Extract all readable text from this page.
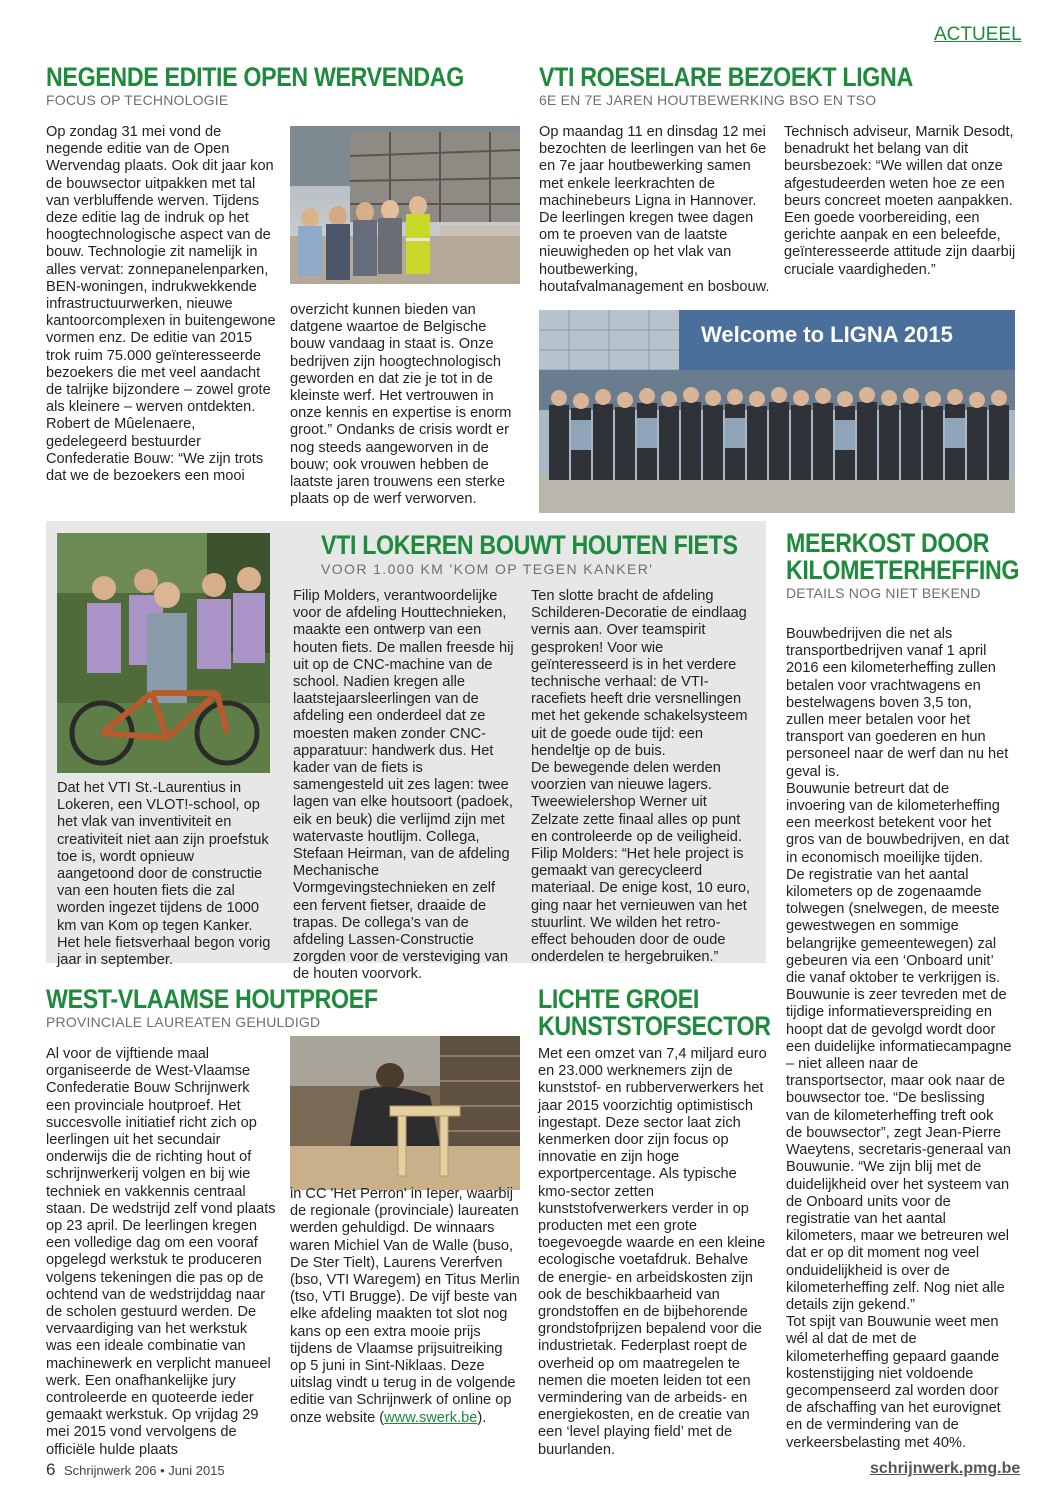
ACTUEEL
NEGENDE EDITIE OPEN WERVENDAG
FOCUS OP TECHNOLOGIE
Op zondag 31 mei vond de negende editie van de Open Wervendag plaats. Ook dit jaar kon de bouwsector uitpakken met tal van verbluffende werven. Tijdens deze editie lag de indruk op het hoogtechnologische aspect van de bouw. Technologie zit namelijk in alles vervat: zonnepanelenparken, BEN-woningen, indrukwekkende infrastructuurwerken, nieuwe kantoorcomplexen in buitengewone vormen enz. De editie van 2015 trok ruim 75.000 geïnteresseerde bezoekers die met veel aandacht de talrijke bijzondere – zowel grote als kleinere – werven ontdekten. Robert de Mûelenaere, gedelegeerd bestuurder Confederatie Bouw: “We zijn trots dat we de bezoekers een mooi
overzicht kunnen bieden van datgene waartoe de Belgische bouw vandaag in staat is. Onze bedrijven zijn hoogtechnologisch geworden en dat zie je tot in de kleinste werf. Het vertrouwen in onze kennis en expertise is enorm groot.” Ondanks de crisis wordt er nog steeds aangeworven in de bouw; ook vrouwen hebben de laatste jaren trouwens een sterke plaats op de werf verworven.
VTI ROESELARE BEZOEKT LIGNA
6E EN 7E JAREN HOUTBEWERKING BSO EN TSO
Op maandag 11 en dinsdag 12 mei bezochten de leerlingen van het 6e en 7e jaar houtbewerking samen met enkele leerkrachten de machinebeurs Ligna in Hannover. De leerlingen kregen twee dagen om te proeven van de laatste nieuwigheden op het vlak van houtbewerking, houtafvalmanagement en bosbouw.
Technisch adviseur, Marnik Desodt, benadrukt het belang van dit beursbezoek: “We willen dat onze afgestudeerden weten hoe ze een beurs concreet moeten aanpakken. Een goede voorbereiding, een gerichte aanpak en een beleefde, geïnteresseerde attitude zijn daarbij cruciale vaardigheden.”
Welcome to LIGNA 2015
Dat het VTI St.-Laurentius in Lokeren, een VLOT!-school, op het vlak van inventiviteit en creativiteit niet aan zijn proefstuk toe is, wordt opnieuw aangetoond door de constructie van een houten fiets die zal worden ingezet tijdens de 1000 km van Kom op tegen Kanker. Het hele fietsverhaal begon vorig jaar in september.
VTI LOKEREN BOUWT HOUTEN FIETS
VOOR 1.000 KM 'KOM OP TEGEN KANKER'
Filip Molders, verantwoordelijke voor de afdeling Houttechnieken, maakte een ontwerp van een houten fiets. De mallen freesde hij uit op de CNC-machine van de school. Nadien kregen alle laatstejaarsleerlingen van de afdeling een onderdeel dat ze moesten maken zonder CNC-apparatuur: handwerk dus. Het kader van de fiets is samengesteld uit zes lagen: twee lagen van elke houtsoort (padoek, eik en beuk) die verlijmd zijn met watervaste houtlijm. Collega, Stefaan Heirman, van de afdeling Mechanische Vormgevingstechnieken en zelf een fervent fietser, draaide de trapas. De collega’s van de afdeling Lassen-Constructie zorgden voor de versteviging van de houten voorvork.

Ten slotte bracht de afdeling Schilderen-Decoratie de eindlaag vernis aan. Over teamspirit gesproken! Voor wie geïnteresseerd is in het verdere technische verhaal: de VTI-racefiets heeft drie versnellingen met het gekende schakelsysteem uit de goede oude tijd: een hendeltje op de buis.

De bewegende delen werden voorzien van nieuwe lagers. Tweewielershop Werner uit Zelzate zette finaal alles op punt en controleerde op de veiligheid.

Filip Molders: “Het hele project is gemaakt van gerecycleerd materiaal. De enige kost, 10 euro, ging naar het vernieuwen van het stuurlint. We wilden het retro-effect behouden door de oude onderdelen te hergebruiken.”

MEERKOST DOOR
KILOMETERHEFFING
DETAILS NOG NIET BEKEND

Bouwbedrijven die net als transportbedrijven vanaf 1 april 2016 een kilometerheffing zullen betalen voor vrachtwagens en bestelwagens boven 3,5 ton, zullen meer betalen voor het transport van goederen en hun personeel naar de werf dan nu het geval is.

Bouwunie betreurt dat de invoering van de kilometerheffing een meerkost betekent voor het gros van de bouwbedrijven, en dat in economisch moeilijke tijden.

De registratie van het aantal kilometers op de zogenaamde tolwegen (snelwegen, de meeste gewestwegen en sommige belangrijke gemeentewegen) zal gebeuren via een ‘Onboard unit’ die vanaf oktober te verkrijgen is. Bouwunie is zeer tevreden met de tijdige informatieverspreiding en hoopt dat de gevolgd wordt door een duidelijke informatiecampagne – niet alleen naar de transportsector, maar ook naar de bouwsector toe. “De beslissing van de kilometerheffing treft ook de bouwsector”, zegt Jean-Pierre Waeytens, secretaris-generaal van Bouwunie. “We zijn blij met de duidelijkheid over het systeem van de Onboard units voor de registratie van het aantal kilometers, maar we betreuren wel dat er op dit moment nog veel onduidelijkheid is over de kilometerheffing zelf. Nog niet alle details zijn gekend.”

Tot spijt van Bouwunie weet men wél al dat de met de kilometerheffing gepaard gaande kostenstijging niet voldoende gecompenseerd zal worden door de afschaffing van het eurovignet en de vermindering van de verkeersbelasting met 40%.

WEST-VLAAMSE HOUTPROEF
PROVINCIALE LAUREATEN GEHULDIGD
Al voor de vijftiende maal organiseerde de West-Vlaamse Confederatie Bouw Schrijnwerk een provinciale houtproef. Het succesvolle initiatief richt zich op leerlingen uit het secundair onderwijs die de richting hout of schrijnwerkerij volgen en bij wie techniek en vakkennis centraal staan. De wedstrijd zelf vond plaats op 23 april. De leerlingen kregen een volledige dag om een vooraf opgelegd werkstuk te produceren volgens tekeningen die pas op de ochtend van de wedstrijddag naar de scholen gestuurd werden. De vervaardiging van het werkstuk was een ideale combinatie van machinewerk en verplicht manueel werk. Een onafhankelijke jury controleerde en quoteerde ieder gemaakt werkstuk. Op vrijdag 29 mei 2015 vond vervolgens de officiële hulde plaats
in CC 'Het Perron' in Ieper, waarbij de regionale (provinciale) laureaten werden gehuldigd. De winnaars waren Michiel Van de Walle (buso, De Ster Tielt), Laurens Vererfven (bso, VTI Waregem) en Titus Merlin (tso, VTI Brugge). De vijf beste van elke afdeling maakten tot slot nog kans op een extra mooie prijs tijdens de Vlaamse prijsuitreiking op 5 juni in Sint-Niklaas. Deze uitslag vindt u terug in de volgende editie van Schrijnwerk of online op onze website (www.swerk.be).
LICHTE GROEI
KUNSTSTOFSECTOR
Met een omzet van 7,4 miljard euro en 23.000 werknemers zijn de kunststof- en rubberverwerkers het jaar 2015 voorzichtig optimistisch ingestapt. Deze sector laat zich kenmerken door zijn focus op innovatie en zijn hoge exportpercentage. Als typische kmo-sector zetten kunststofverwerkers verder in op producten met een grote toegevoegde waarde en een kleine ecologische voetafdruk. Behalve de energie- en arbeidskosten zijn ook de beschikbaarheid van grondstoffen en de bijbehorende grondstofprijzen bepalend voor die industrietak. Federplast roept de overheid op om maatregelen te nemen die moeten leiden tot een vermindering van de arbeids- en energiekosten, en de creatie van een ‘level playing field’ met de buurlanden.
6 Schrijnwerk 206 • Juni 2015	schrijnwerk.pmg.be
